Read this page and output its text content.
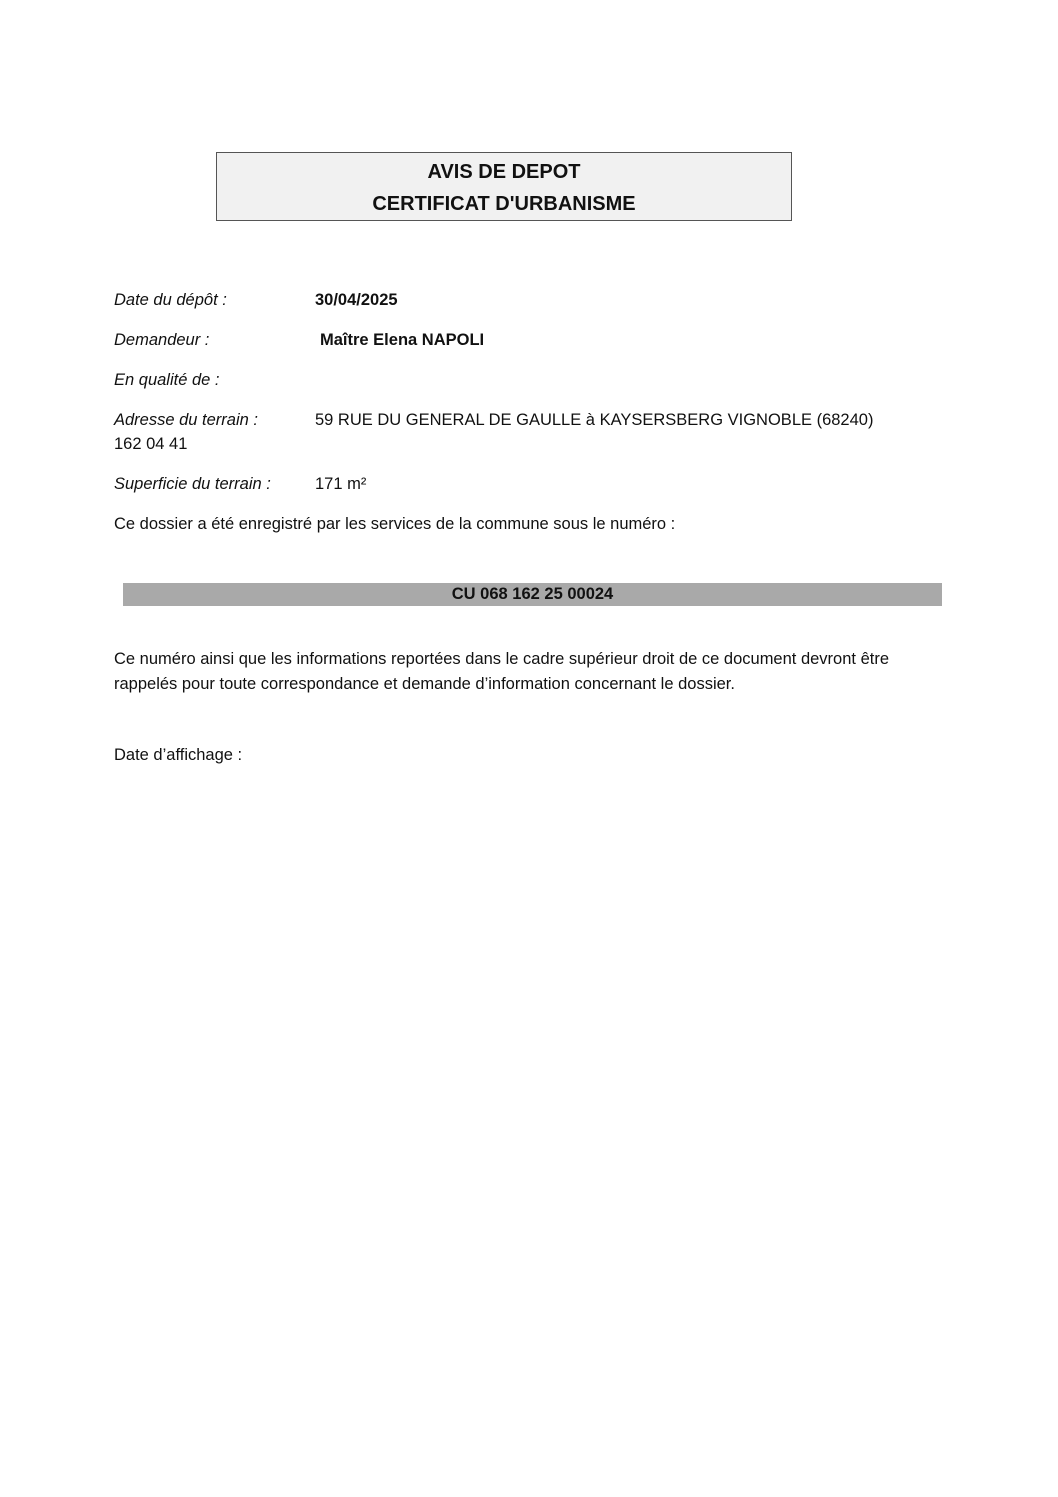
AVIS DE DEPOT
CERTIFICAT D'URBANISME
Date du dépôt :	30/04/2025
Demandeur :	Maître Elena NAPOLI
En qualité de :
Adresse du terrain :	59 RUE DU GENERAL DE GAULLE à KAYSERSBERG VIGNOBLE (68240)
162 04 41
Superficie du terrain :	171 m²
Ce dossier a été enregistré par les services de la commune sous le numéro :
CU 068 162 25 00024
Ce numéro ainsi que les informations reportées dans le cadre supérieur droit de ce document devront être rappelés pour toute correspondance et demande d’information concernant le dossier.
Date d’affichage :
